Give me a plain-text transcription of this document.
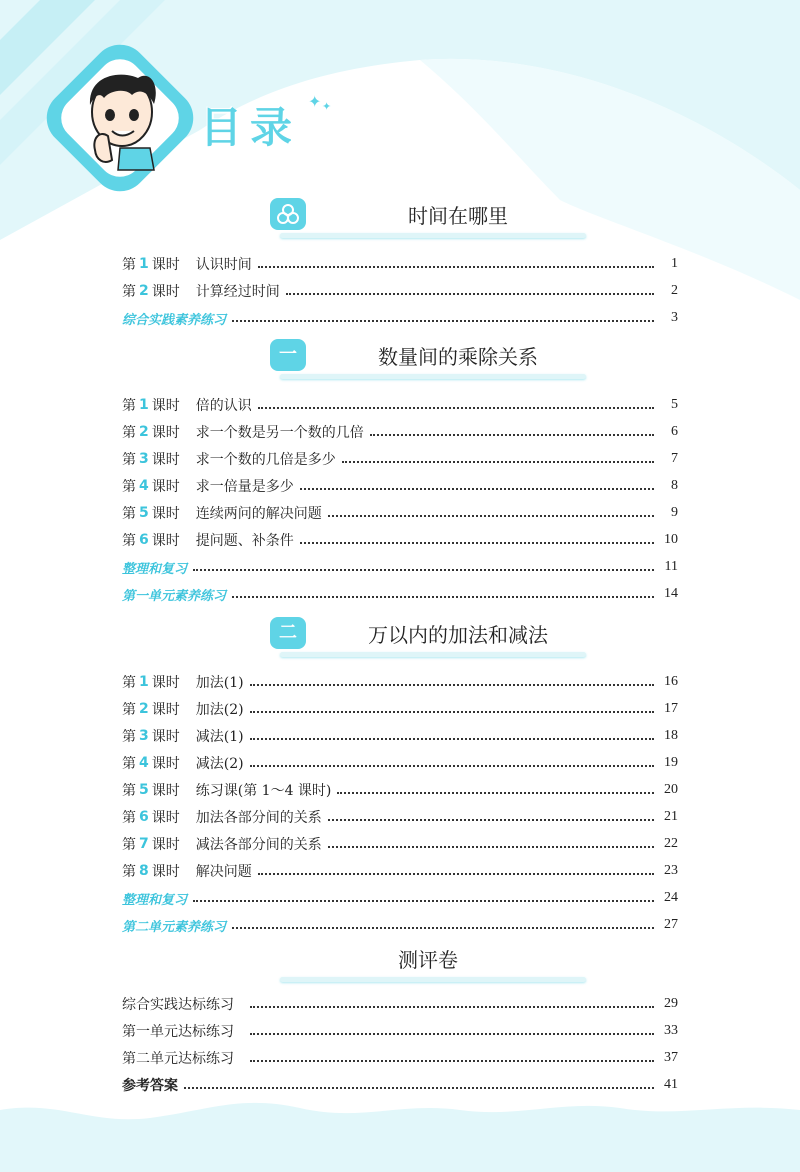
目录
✦ ✦
时间在哪里
第 1 课时 认识时间	1
第 2 课时 计算经过时间	2
综合实践素养练习	3
一	数量间的乘除关系
第 1 课时 倍的认识	5
第 2 课时 求一个数是另一个数的几倍	6
第 3 课时 求一个数的几倍是多少	7
第 4 课时 求一倍量是多少	8
第 5 课时 连续两问的解决问题	9
第 6 课时 提问题、补条件	10
整理和复习	11
第一单元素养练习	14
二	万以内的加法和减法
第 1 课时 加法(1)	16
第 2 课时 加法(2)	17
第 3 课时 减法(1)	18
第 4 课时 减法(2)	19
第 5 课时 练习课(第 1～4 课时)	20
第 6 课时 加法各部分间的关系	21
第 7 课时 减法各部分间的关系	22
第 8 课时 解决问题	23
整理和复习	24
第二单元素养练习	27
测评卷
综合实践达标练习	29
第一单元达标练习	33
第二单元达标练习	37
参考答案	41
